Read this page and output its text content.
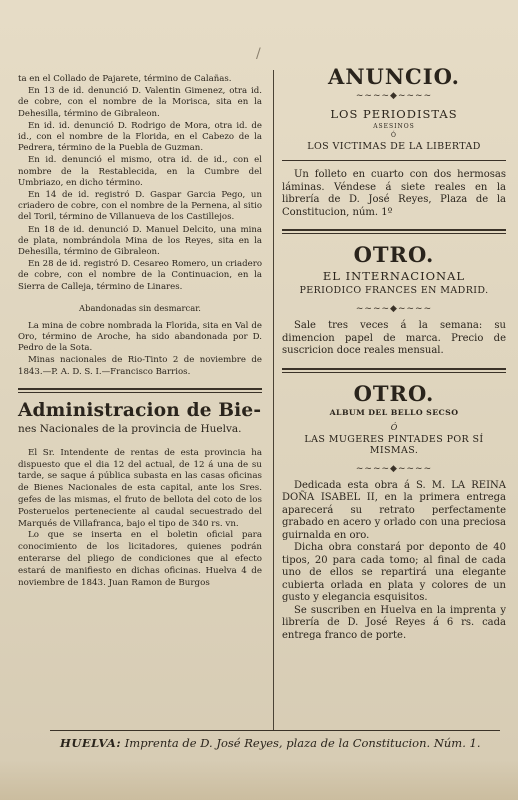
/

ta en el Collado de Pajarete, término de Calañas.

En 13 de id. denunció D. Valentin Gimenez, otra id. de cobre, con el nombre de la Morisca, sita en la Dehesilla, término de Gibraleon.

En id. id. denunció D. Rodrigo de Mora, otra id. de id., con el nombre de la Florida, en el Cabezo de la Pedrera, término de la Puebla de Guzman.

En id. denunció el mismo, otra id. de id., con el nombre de la Restablecida, en la Cumbre del Umbriazo, en dicho término.

En 14 de id. registró D. Gaspar Garcia Pego, un criadero de cobre, con el nombre de la Pernena, al sitio del Toril, término de Villanueva de los Castillejos.

En 18 de id. denunció D. Manuel Delcito, una mina de plata, nombrándola Mina de los Reyes, sita en la Dehesilla, término de Gibraleon.

En 28 de id. registró D. Cesareo Romero, un criadero de cobre, con el nombre de la Continuacion, en la Sierra de Calleja, término de Linares.

Abandonadas sin desmarcar.

La mina de cobre nombrada la Florida, sita en Val de Oro, término de Aroche, ha sido abandonada por D. Pedro de la Sota.

Minas nacionales de Rio-Tinto 2 de noviembre de 1843.—P. A. D. S. I.—Francisco Barrios.

Administracion de Bie-
nes Nacionales de la provincia de Huelva.

El Sr. Intendente de rentas de esta provincia ha dispuesto que el dia 12 del actual, de 12 á una de su tarde, se saque á pública subasta en las casas oficinas de Bienes Nacionales de esta capital, ante los Sres. gefes de las mismas, el fruto de bellota del coto de los Posteruelos perteneciente al caudal secuestrado del Marqués de Villafranca, bajo el tipo de 340 rs. vn.

Lo que se inserta en el boletin oficial para conocimiento de los licitadores, quienes podrán enterarse del pliego de condiciones que al efecto estará de manifiesto en dichas oficinas. Huelva 4 de noviembre de 1843. Juan Ramon de Burgos

ANUNCIO.
~~~~◆~~~~
LOS PERIODISTAS
ASESINOS
Ó
LOS VICTIMAS DE LA LIBERTAD

Un folleto en cuarto con dos hermosas láminas. Véndese á siete reales en la librería de D. José Reyes, Plaza de la Constitucion, núm. 1º

OTRO.
EL INTERNACIONAL
PERIODICO FRANCES EN MADRID.
~~~~◆~~~~

Sale tres veces á la semana: su dimencion papel de marca. Precio de suscricion doce reales mensual.

OTRO.
ALBUM DEL BELLO SECSO
Ó
LAS MUGERES PINTADES POR SÍ MISMAS.
~~~~◆~~~~

Dedicada esta obra á S. M. LA REINA DOÑA ISABEL II, en la primera entrega aparecerá su retrato perfectamente grabado en acero y orlado con una preciosa guirnalda en oro.

Dicha obra constará por deponto de 40 tipos, 20 para cada tomo; al final de cada uno de ellos se repartirá una elegante cubierta orlada en plata y colores de un gusto y elegancia esquisitos.

Se suscriben en Huelva en la imprenta y librería de D. José Reyes á 6 rs. cada entrega franco de porte.

HUELVA: Imprenta de D. José Reyes, plaza de la Constitucion. Núm. 1.
